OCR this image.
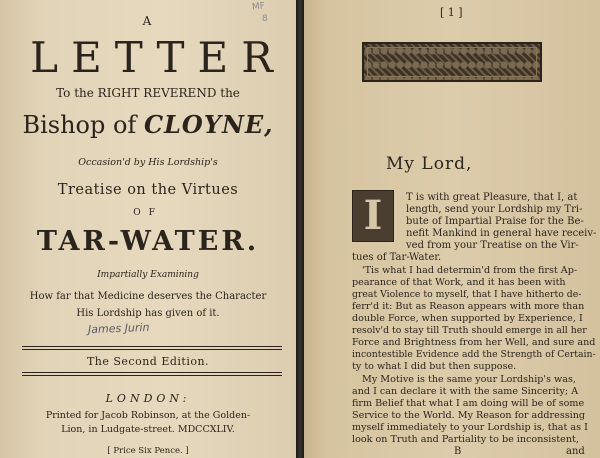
MF
8
A
LETTER
To the RIGHT REVEREND the
Bishop of CLOYNE,
Occasion'd by His Lordship's
Treatise on the Virtues
OF
TAR-WATER.
Impartially Examining
How far that Medicine deserves the Character
His Lordship has given of it.
James Jurin
The Second Edition.
LONDON:
Printed for Jacob Robinson, at the Golden-
Lion, in Ludgate-street. MDCCXLIV.
[ Price Six Pence. ]
[ 1 ]
My Lord,
I	T is with great Pleasure, that I, at
length, send your Lordship my Tri-
bute of Impartial Praise for the Be-
nefit Mankind in general have receiv-
ved from your Treatise on the Vir-
tues of Tar-Water.
'Tis what I had determin'd from the first Ap-
pearance of that Work, and it has been with
great Violence to myself, that I have hitherto de-
ferr'd it: But as Reason appears with more than
double Force, when supported by Experience, I
resolv'd to stay till Truth should emerge in all her
Force and Brightness from her Well, and sure and
incontestible Evidence add the Strength of Certain-
ty to what I did but then suppose.
My Motive is the same your Lordship's was,
and I can declare it with the same Sincerity; A
firm Belief that what I am doing will be of some
Service to the World. My Reason for addressing
myself immediately to your Lordship is, that as I
look on Truth and Partiality to be inconsistent,
B	and
